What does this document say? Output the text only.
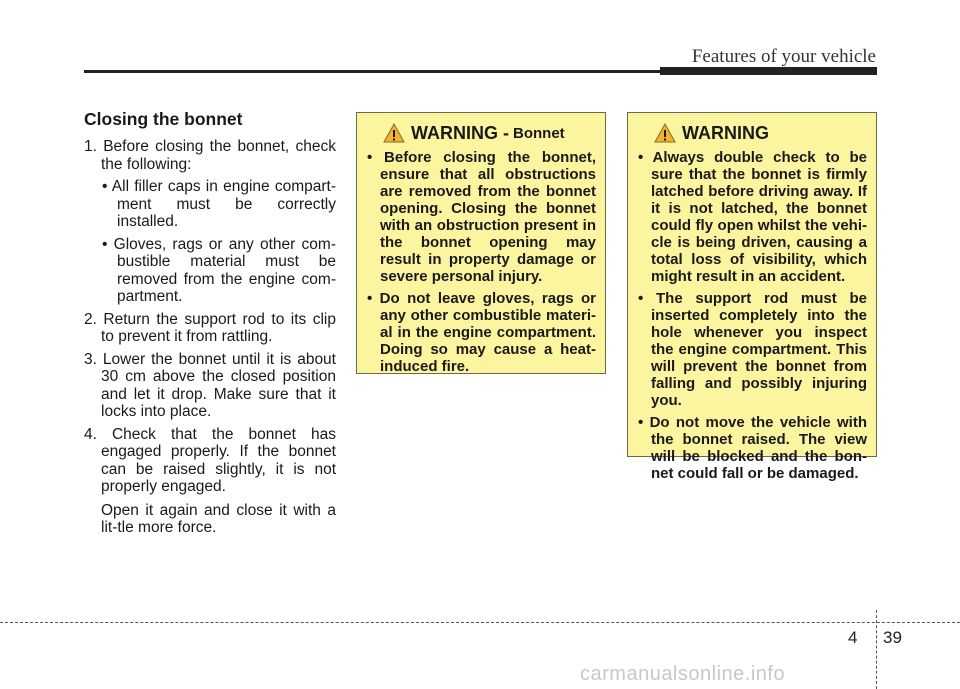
Features of your vehicle
Closing the bonnet
1. Before closing the bonnet, check the following:
• All filler caps in engine compart-ment must be correctly installed.
• Gloves, rags or any other com-bustible material must be removed from the engine com-partment.
2. Return the support rod to its clip to prevent it from rattling.
3. Lower the bonnet until it is about 30 cm above the closed position and let it drop. Make sure that it locks into place.
4. Check that the bonnet has engaged properly. If the bonnet can be raised slightly, it is not properly engaged.
Open it again and close it with a lit-tle more force.
WARNING - Bonnet
• Before closing the bonnet, ensure that all obstructions are removed from the bonnet opening. Closing the bonnet with an obstruction present in the bonnet opening may result in property damage or severe personal injury.
• Do not leave gloves, rags or any other combustible materi-al in the engine compartment. Doing so may cause a heat-induced fire.
WARNING
• Always double check to be sure that the bonnet is firmly latched before driving away. If it is not latched, the bonnet could fly open whilst the vehi-cle is being driven, causing a total loss of visibility, which might result in an accident.
• The support rod must be inserted completely into the hole whenever you inspect the engine compartment. This will prevent the bonnet from falling and possibly injuring you.
• Do not move the vehicle with the bonnet raised. The view will be blocked and the bon-net could fall or be damaged.
4 39
carmanualsonline.info
